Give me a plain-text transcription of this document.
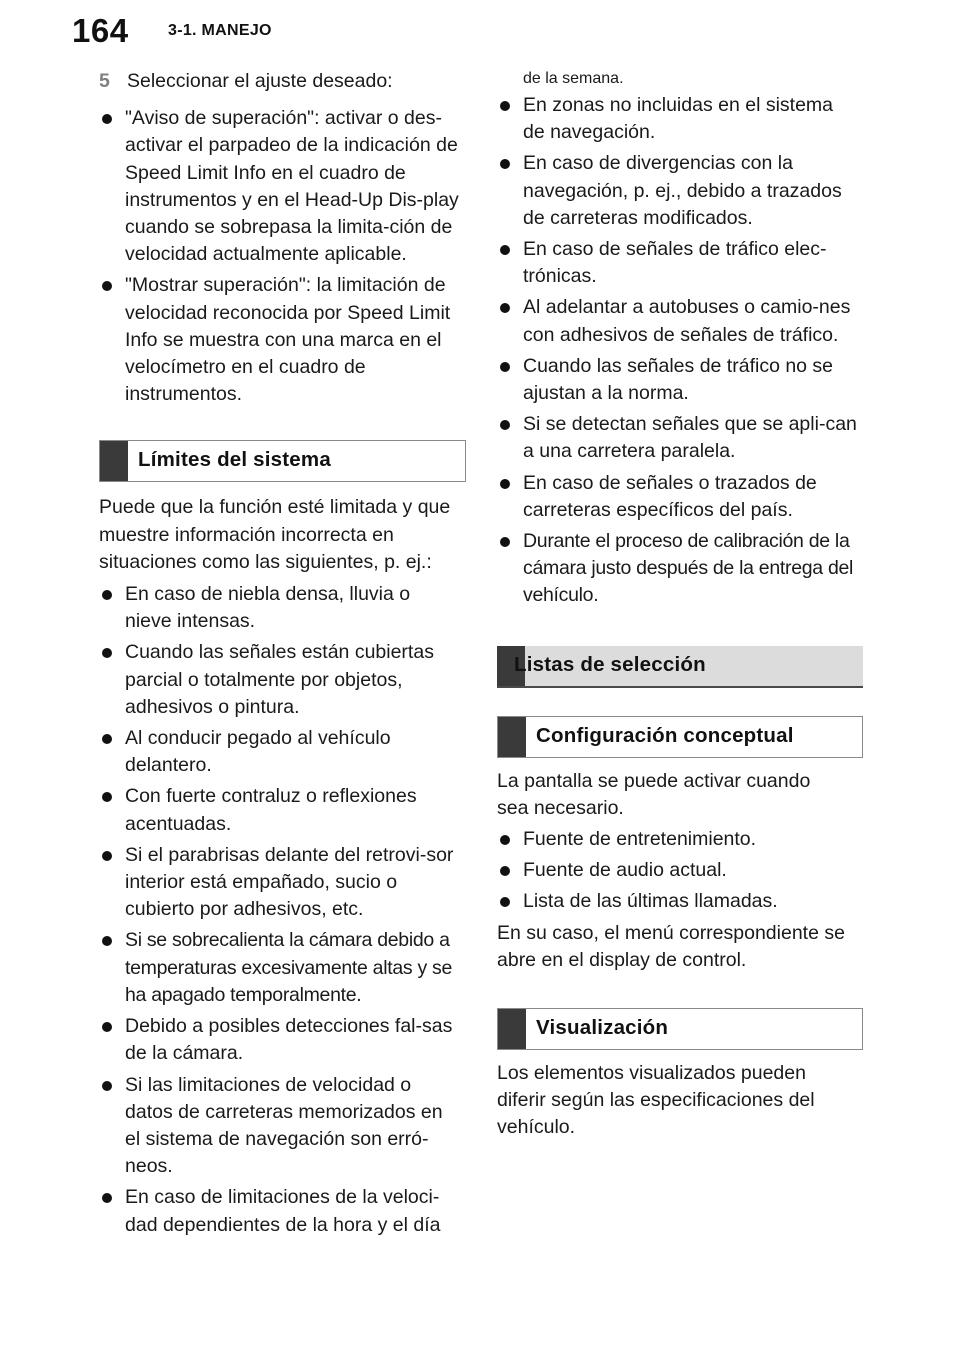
164 3-1. MANEJO
5 Seleccionar el ajuste deseado:
"Aviso de superación": activar o des-activar el parpadeo de la indicación de Speed Limit Info en el cuadro de instrumentos y en el Head-Up Dis-play cuando se sobrepasa la limita-ción de velocidad actualmente aplicable.
"Mostrar superación": la limitación de velocidad reconocida por Speed Limit Info se muestra con una marca en el velocímetro en el cuadro de instrumentos.
Límites del sistema

Puede que la función esté limitada y que muestre información incorrecta en situaciones como las siguientes, p. ej.:

En caso de niebla densa, lluvia o nieve intensas.
Cuando las señales están cubiertas parcial o totalmente por objetos, adhesivos o pintura.
Al conducir pegado al vehículo delantero.
Con fuerte contraluz o reflexiones acentuadas.
Si el parabrisas delante del retrovi-sor interior está empañado, sucio o cubierto por adhesivos, etc.
Si se sobrecalienta la cámara debido a temperaturas excesivamente altas y se ha apagado temporalmente.
Debido a posibles detecciones fal-sas de la cámara.
Si las limitaciones de velocidad o datos de carreteras memorizados en el sistema de navegación son erró-neos.
En caso de limitaciones de la veloci-dad dependientes de la hora y el día
de la semana.
En zonas no incluidas en el sistema de navegación.
En caso de divergencias con la navegación, p. ej., debido a trazados de carreteras modificados.
En caso de señales de tráfico elec-trónicas.
Al adelantar a autobuses o camio-nes con adhesivos de señales de tráfico.
Cuando las señales de tráfico no se ajustan a la norma.
Si se detectan señales que se apli-can a una carretera paralela.
En caso de señales o trazados de carreteras específicos del país.
Durante el proceso de calibración de la cámara justo después de la entrega del vehículo.
Listas de selección
Configuración conceptual

La pantalla se puede activar cuando sea necesario.

Fuente de entretenimiento.
Fuente de audio actual.
Lista de las últimas llamadas.

En su caso, el menú correspondiente se abre en el display de control.

Visualización

Los elementos visualizados pueden diferir según las especificaciones del vehículo.
